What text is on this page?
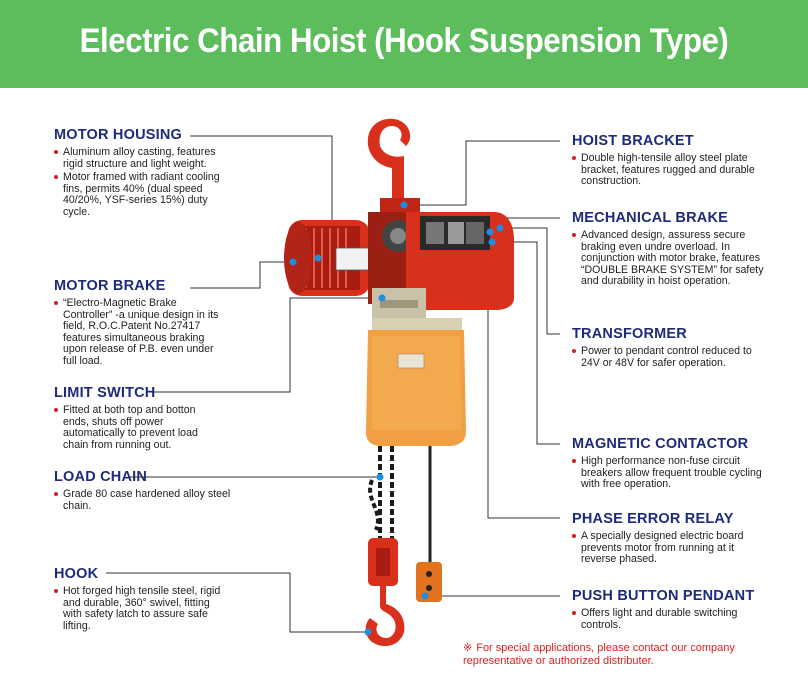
Electric Chain Hoist (Hook Suspension Type)
MOTOR HOUSING
Aluminum alloy casting, features rigid structure and light weight.
Motor framed with radiant cooling fins, permits 40% (dual speed 40/20%, YSF-series 15%) duty cycle.
MOTOR BRAKE
“Electro-Magnetic Brake Controller” -a unique design in its field, R.O.C.Patent No.27417 features simultaneous braking upon release of P.B. even under full load.
LIMIT SWITCH
Fitted at both top and botton ends, shuts off power automatically to prevent load chain from running out.
LOAD CHAIN
Grade 80 case hardened alloy steel chain.
HOOK
Hot forged high tensile steel, rigid and durable, 360° swivel, fitting with safety latch to assure safe lifting.
HOIST BRACKET
Double high-tensile alloy steel plate bracket, features rugged and durable construction.
MECHANICAL BRAKE
Advanced design, assuress secure braking even undre overload. In conjunction with motor brake, features “DOUBLE BRAKE SYSTEM” for safety and durability in hoist operation.
TRANSFORMER
Power to pendant control reduced to 24V or 48V for safer operation.
MAGNETIC CONTACTOR
High performance non-fuse circuit breakers allow frequent trouble cycling with free operation.
PHASE ERROR RELAY
A specially designed electric board prevents motor from running at it reverse phased.
PUSH BUTTON PENDANT
Offers light and durable switching controls.
※ For special applications, please contact our company representative or authorized distributer.
